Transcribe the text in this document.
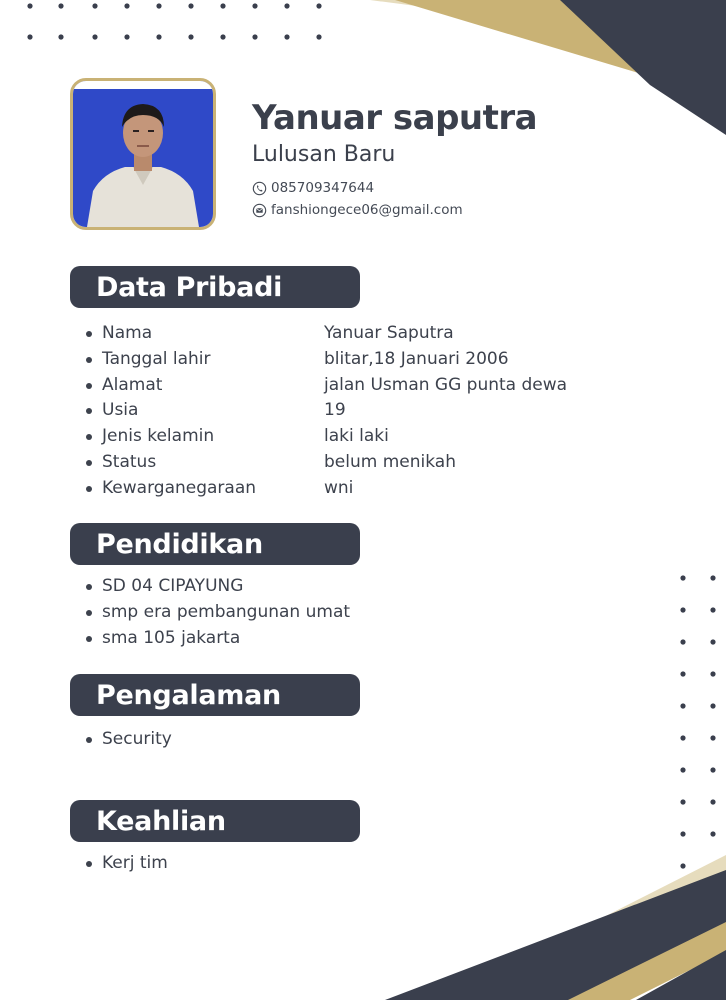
Yanuar saputra
Lulusan Baru
085709347644
fanshiongece06@gmail.com
Data Pribadi
Nama	Yanuar Saputra
Tanggal lahir	blitar,18 Januari 2006
Alamat	jalan Usman GG punta dewa
Usia	19
Jenis kelamin	laki laki
Status	belum menikah
Kewarganegaraan	wni
Pendidikan
SD 04 CIPAYUNG
smp era pembangunan umat
sma 105 jakarta
Pengalaman
Security
Keahlian
Kerj tim
